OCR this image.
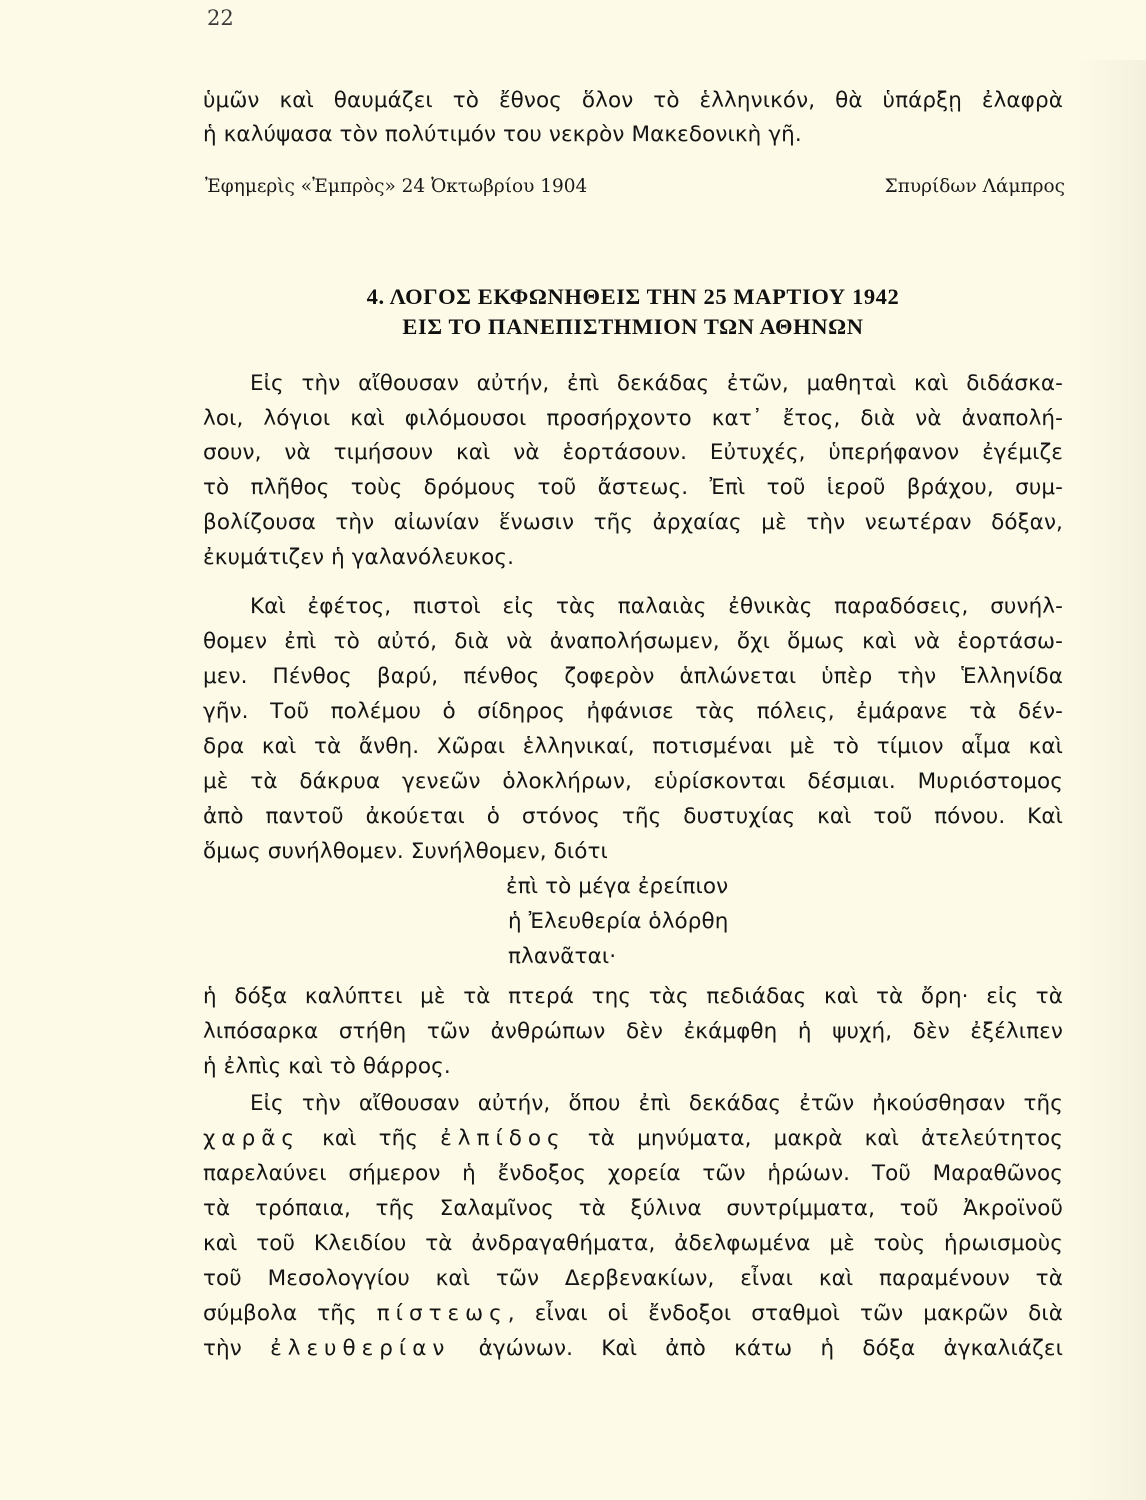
22
ὑμῶν καὶ θαυμάζει τὸ ἔθνος ὅλον τὸ ἑλληνικόν, θὰ ὑπάρξῃ ἐλαφρὰ
ἡ καλύψασα τὸν πολύτιμόν του νεκρὸν Μακεδονικὴ γῆ.
Ἐφημερὶς «Ἐμπρὸς» 24 Ὀκτωβρίου 1904	Σπυρίδων Λάμπρος
4. ΛΟΓΟΣ ΕΚΦΩΝΗΘΕΙΣ ΤΗΝ 25 ΜΑΡΤΙΟΥ 1942
ΕΙΣ ΤΟ ΠΑΝΕΠΙΣΤΗΜΙΟΝ ΤΩΝ ΑΘΗΝΩΝ
Εἰς τὴν αἴθουσαν αὐτήν, ἐπὶ δεκάδας ἐτῶν, μαθηταὶ καὶ διδάσκα-
λοι, λόγιοι καὶ φιλόμουσοι προσήρχοντο κατ᾽ ἔτος, διὰ νὰ ἀναπολή-
σουν, νὰ τιμήσουν καὶ νὰ ἑορτάσουν. Εὐτυχές, ὑπερήφανον ἐγέμιζε
τὸ πλῆθος τοὺς δρόμους τοῦ ἄστεως. Ἐπὶ τοῦ ἱεροῦ βράχου, συμ-
βολίζουσα τὴν αἰωνίαν ἕνωσιν τῆς ἀρχαίας μὲ τὴν νεωτέραν δόξαν,
ἐκυμάτιζεν ἡ γαλανόλευκος.
Καὶ ἐφέτος, πιστοὶ εἰς τὰς παλαιὰς ἐθνικὰς παραδόσεις, συνήλ-
θομεν ἐπὶ τὸ αὐτό, διὰ νὰ ἀναπολήσωμεν, ὄχι ὅμως καὶ νὰ ἑορτάσω-
μεν. Πένθος βαρύ, πένθος ζοφερὸν ἁπλώνεται ὑπὲρ τὴν Ἑλληνίδα
γῆν. Τοῦ πολέμου ὁ σίδηρος ἠφάνισε τὰς πόλεις, ἐμάρανε τὰ δέν-
δρα καὶ τὰ ἄνθη. Χῶραι ἑλληνικαί, ποτισμέναι μὲ τὸ τίμιον αἷμα καὶ
μὲ τὰ δάκρυα γενεῶν ὁλοκλήρων, εὑρίσκονται δέσμιαι. Μυριόστομος
ἀπὸ παντοῦ ἀκούεται ὁ στόνος τῆς δυστυχίας καὶ τοῦ πόνου. Καὶ
ὅμως συνήλθομεν. Συνήλθομεν, διότι
ἐπὶ τὸ μέγα ἐρείπιον
ἡ Ἐλευθερία ὁλόρθη
πλανᾶται·
ἡ δόξα καλύπτει μὲ τὰ πτερά της τὰς πεδιάδας καὶ τὰ ὄρη· εἰς τὰ
λιπόσαρκα στήθη τῶν ἀνθρώπων δὲν ἐκάμφθη ἡ ψυχή, δὲν ἐξέλιπεν
ἡ ἐλπὶς καὶ τὸ θάρρος.
Εἰς τὴν αἴθουσαν αὐτήν, ὅπου ἐπὶ δεκάδας ἐτῶν ἠκούσθησαν τῆς
χαρᾶς καὶ τῆς ἐλπίδος τὰ μηνύματα, μακρὰ καὶ ἀτελεύτητος
παρελαύνει σήμερον ἡ ἔνδοξος χορεία τῶν ἡρώων. Τοῦ Μαραθῶνος
τὰ τρόπαια, τῆς Σαλαμῖνος τὰ ξύλινα συντρίμματα, τοῦ Ἀκροϊνοῦ
καὶ τοῦ Κλειδίου τὰ ἀνδραγαθήματα, ἀδελφωμένα μὲ τοὺς ἡρωισμοὺς
τοῦ Μεσολογγίου καὶ τῶν Δερβενακίων, εἶναι καὶ παραμένουν τὰ
σύμβολα τῆς πίστεως, εἶναι οἱ ἔνδοξοι σταθμοὶ τῶν μακρῶν διὰ
τὴν ἐλευθερίαν ἀγώνων. Καὶ ἀπὸ κάτω ἡ δόξα ἀγκαλιάζει
